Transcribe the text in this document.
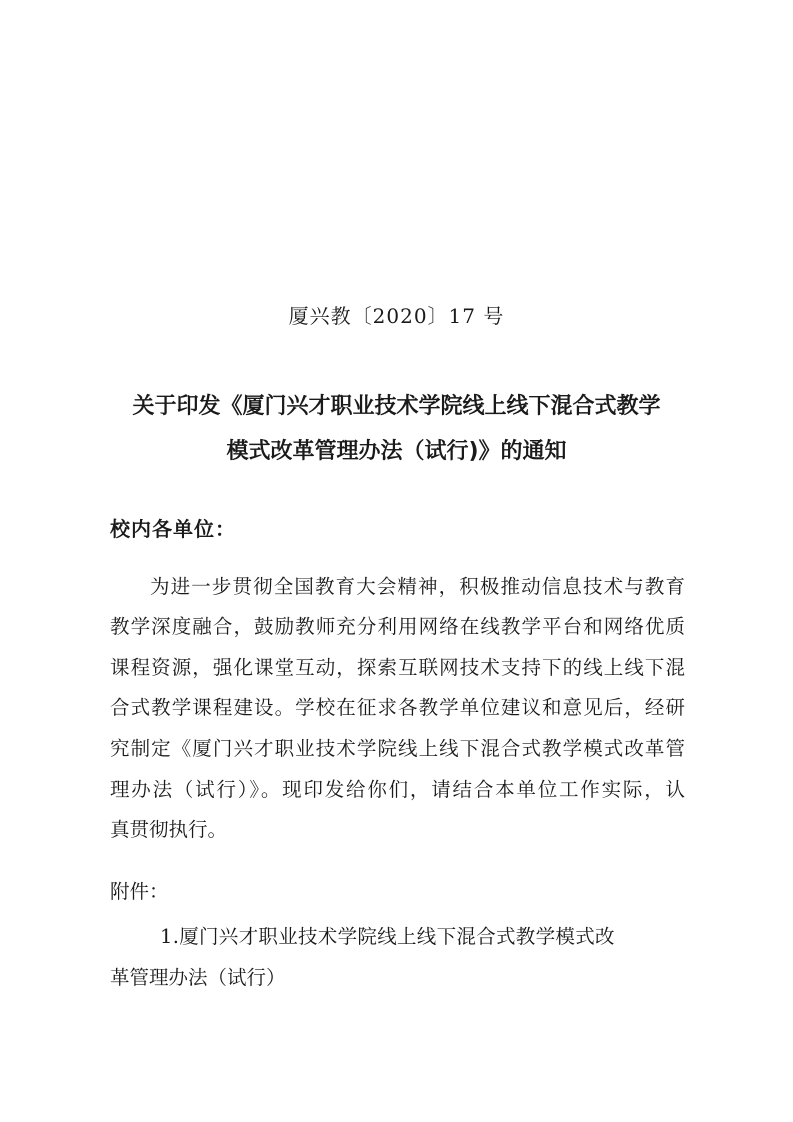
厦兴教〔2020〕17 号
关于印发《厦门兴才职业技术学院线上线下混合式教学
模式改革管理办法（试行)》的通知
校内各单位：
为进一步贯彻全国教育大会精神，积极推动信息技术与教育
教学深度融合，鼓励教师充分利用网络在线教学平台和网络优质
课程资源，强化课堂互动，探索互联网技术支持下的线上线下混
合式教学课程建设。学校在征求各教学单位建议和意见后，经研
究制定《厦门兴才职业技术学院线上线下混合式教学模式改革管
理办法（试行）》。现印发给你们，请结合本单位工作实际，认
真贯彻执行。
附件：
1.厦门兴才职业技术学院线上线下混合式教学模式改
革管理办法（试行）
